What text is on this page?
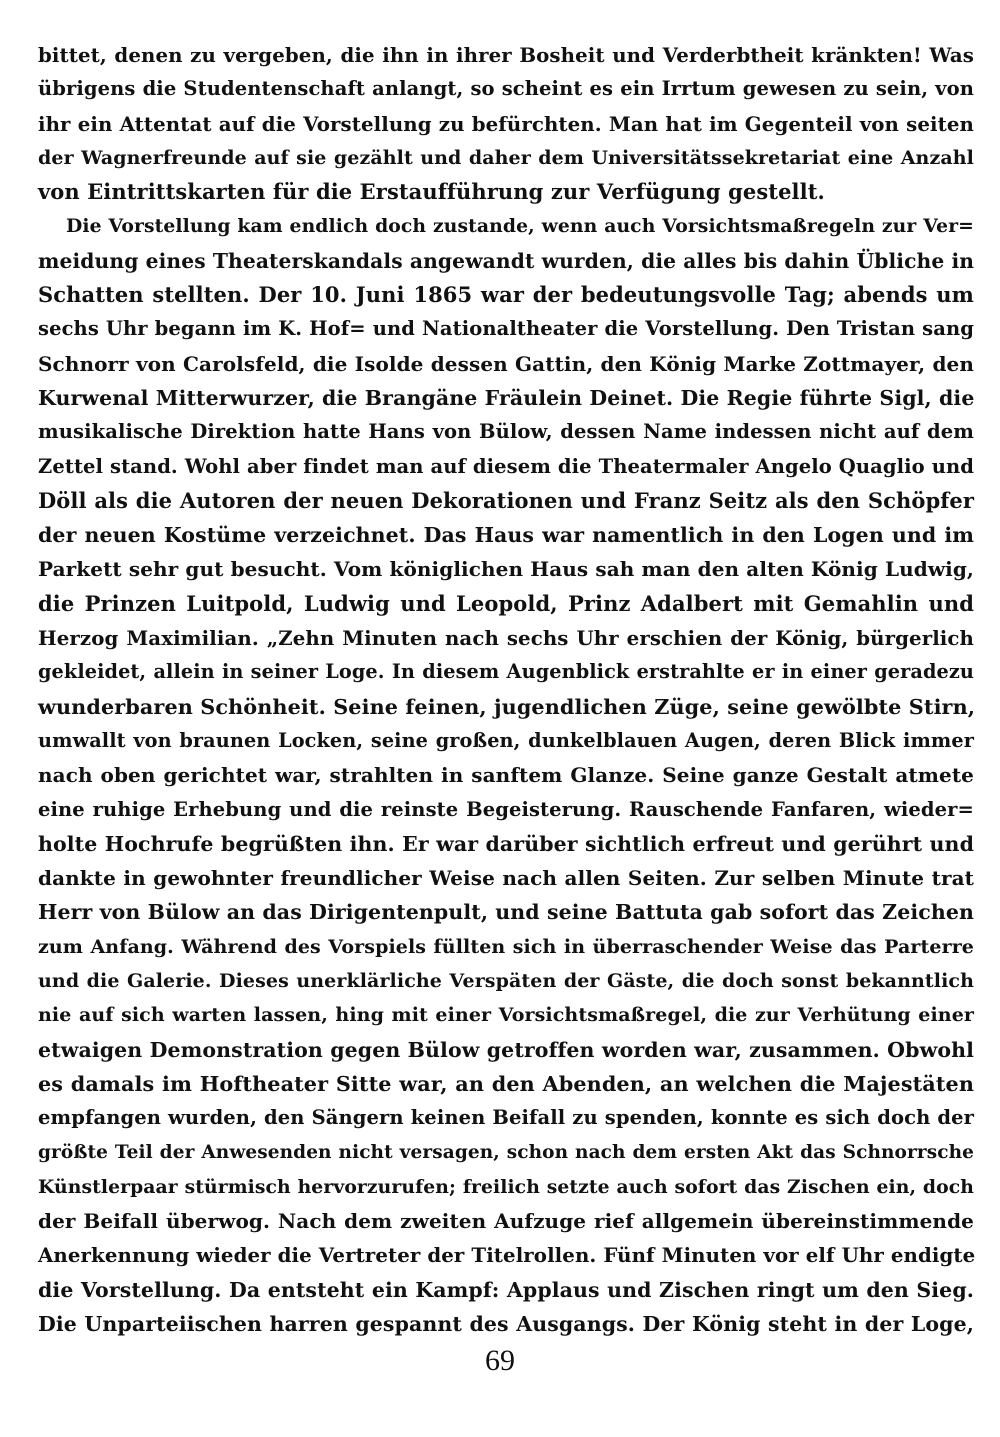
bittet, denen zu vergeben, die ihn in ihrer Bosheit und Verderbtheit kränkten! Was
übrigens die Studentenschaft anlangt, so scheint es ein Irrtum gewesen zu sein, von
ihr ein Attentat auf die Vorstellung zu befürchten. Man hat im Gegenteil von seiten
der Wagnerfreunde auf sie gezählt und daher dem Universitätssekretariat eine Anzahl
von Eintrittskarten für die Erstaufführung zur Verfügung gestellt.
Die Vorstellung kam endlich doch zustande, wenn auch Vorsichtsmaßregeln zur Ver=
meidung eines Theaterskandals angewandt wurden, die alles bis dahin Übliche in
Schatten stellten. Der 10. Juni 1865 war der bedeutungsvolle Tag; abends um
sechs Uhr begann im K. Hof= und Nationaltheater die Vorstellung. Den Tristan sang
Schnorr von Carolsfeld, die Isolde dessen Gattin, den König Marke Zottmayer, den
Kurwenal Mitterwurzer, die Brangäne Fräulein Deinet. Die Regie führte Sigl, die
musikalische Direktion hatte Hans von Bülow, dessen Name indessen nicht auf dem
Zettel stand. Wohl aber findet man auf diesem die Theatermaler Angelo Quaglio und
Döll als die Autoren der neuen Dekorationen und Franz Seitz als den Schöpfer
der neuen Kostüme verzeichnet. Das Haus war namentlich in den Logen und im
Parkett sehr gut besucht. Vom königlichen Haus sah man den alten König Ludwig,
die Prinzen Luitpold, Ludwig und Leopold, Prinz Adalbert mit Gemahlin und
Herzog Maximilian. „Zehn Minuten nach sechs Uhr erschien der König, bürgerlich
gekleidet, allein in seiner Loge. In diesem Augenblick erstrahlte er in einer geradezu
wunderbaren Schönheit. Seine feinen, jugendlichen Züge, seine gewölbte Stirn,
umwallt von braunen Locken, seine großen, dunkelblauen Augen, deren Blick immer
nach oben gerichtet war, strahlten in sanftem Glanze. Seine ganze Gestalt atmete
eine ruhige Erhebung und die reinste Begeisterung. Rauschende Fanfaren, wieder=
holte Hochrufe begrüßten ihn. Er war darüber sichtlich erfreut und gerührt und
dankte in gewohnter freundlicher Weise nach allen Seiten. Zur selben Minute trat
Herr von Bülow an das Dirigentenpult, und seine Battuta gab sofort das Zeichen
zum Anfang. Während des Vorspiels füllten sich in überraschender Weise das Parterre
und die Galerie. Dieses unerklärliche Verspäten der Gäste, die doch sonst bekanntlich
nie auf sich warten lassen, hing mit einer Vorsichtsmaßregel, die zur Verhütung einer
etwaigen Demonstration gegen Bülow getroffen worden war, zusammen. Obwohl
es damals im Hoftheater Sitte war, an den Abenden, an welchen die Majestäten
empfangen wurden, den Sängern keinen Beifall zu spenden, konnte es sich doch der
größte Teil der Anwesenden nicht versagen, schon nach dem ersten Akt das Schnorrsche
Künstlerpaar stürmisch hervorzurufen; freilich setzte auch sofort das Zischen ein, doch
der Beifall überwog. Nach dem zweiten Aufzuge rief allgemein übereinstimmende
Anerkennung wieder die Vertreter der Titelrollen. Fünf Minuten vor elf Uhr endigte
die Vorstellung. Da entsteht ein Kampf: Applaus und Zischen ringt um den Sieg.
Die Unparteiischen harren gespannt des Ausgangs. Der König steht in der Loge,
69
